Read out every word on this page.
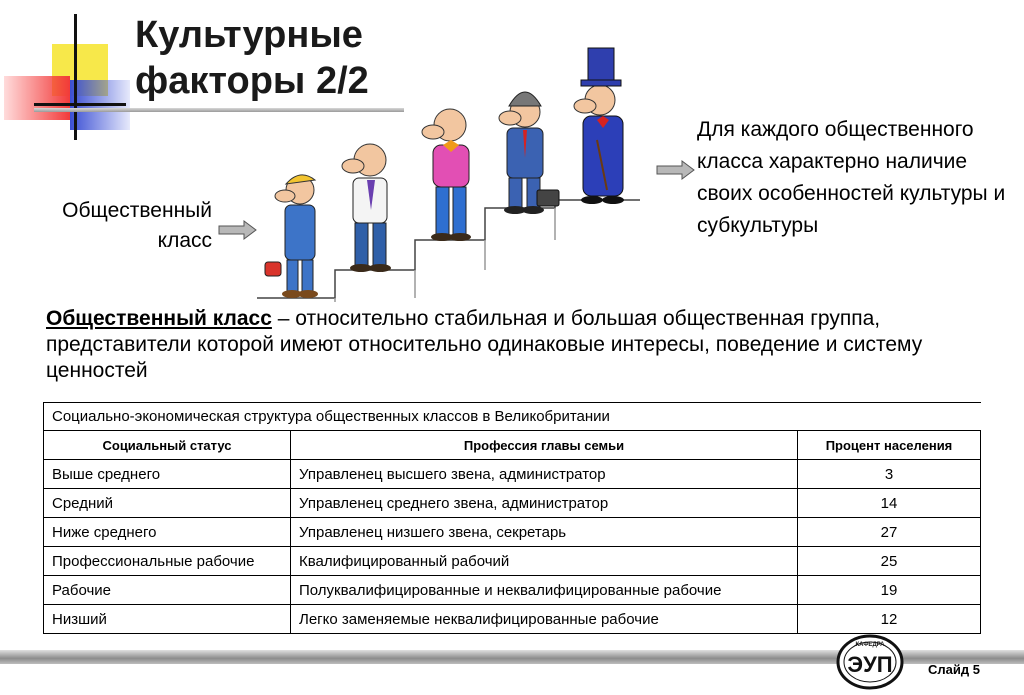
Культурные
факторы 2/2
Общественный
класс
Для каждого общественного класса характерно наличие своих особенностей культуры и субкультуры
Общественный класс – относительно стабильная и большая общественная группа, представители которой имеют относительно одинаковые интересы, поведение и систему ценностей
Социально-экономическая структура общественных классов в Великобритании		
Социальный статус	Профессия главы семьи	Процент населения
Выше среднего	Управленец высшего звена, администратор	3
Средний	Управленец среднего звена, администратор	14
Ниже среднего	Управленец низшего звена, секретарь	27
Профессиональные рабочие	Квалифицированный рабочий	25
Рабочие	Полуквалифицированные и неквалифицированные рабочие	19
Низший	Легко заменяемые неквалифицированные рабочие	12
КАФЕДРА
ЭУП	Слайд 5
